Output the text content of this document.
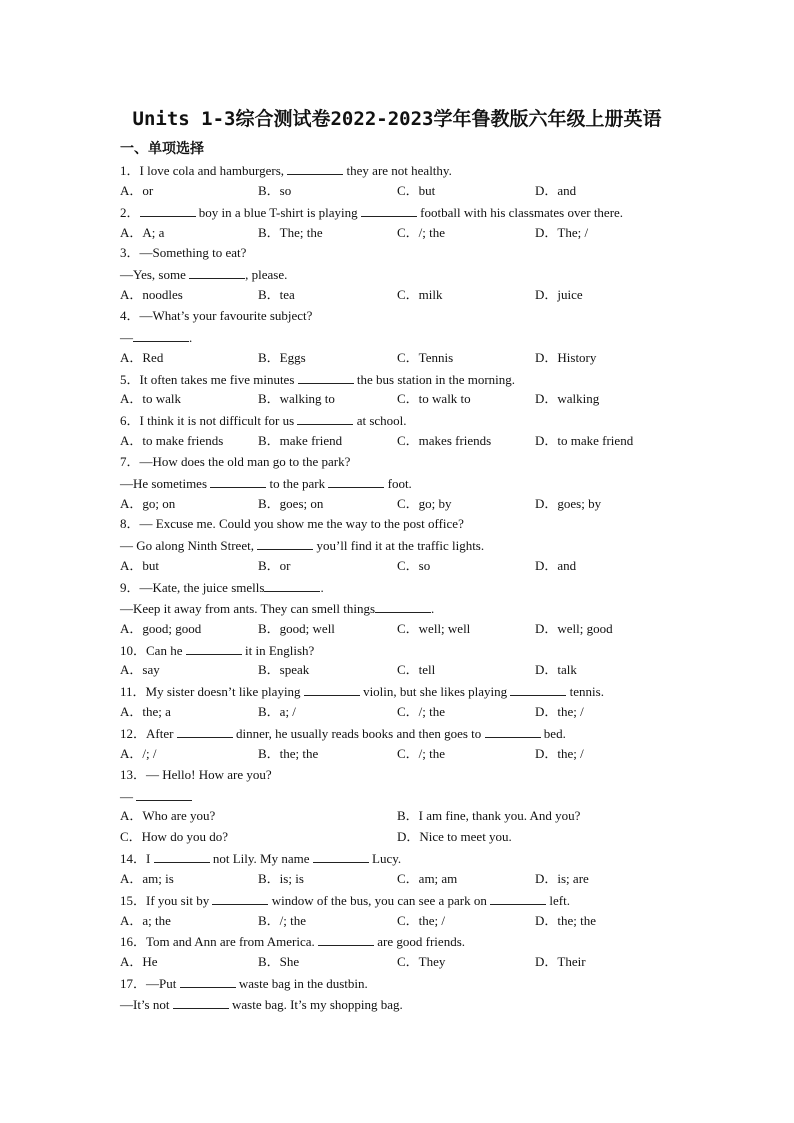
Units 1-3综合测试卷2022-2023学年鲁教版六年级上册英语
一、单项选择
1．I love cola and hamburgers,	they are not healthy.
A．or	B．so	C．but	D．and
2．	boy in a blue T-shirt is playing	football with his classmates over there.
A．A; a	B．The; the	C．/; the	D．The; /
3．—Something to eat?
—Yes, some	, please.
A．noodles	B．tea	C．milk	D．juice
4．—What’s your favourite subject?
—	.
A．Red	B．Eggs	C．Tennis	D．History
5．It often takes me five minutes	the bus station in the morning.
A．to walk	B．walking to	C．to walk to	D．walking
6．I think it is not difficult for us	at school.
A．to make friends	B．make friend	C．makes friends	D．to make friend
7．—How does the old man go to the park?
—He sometimes	to the park	foot.
A．go; on	B．goes; on	C．go; by	D．goes; by
8．— Excuse me. Could you show me the way to the post office?
— Go along Ninth Street,	you’ll find it at the traffic lights.
A．but	B．or	C．so	D．and
9．—Kate, the juice smells	.
—Keep it away from ants. They can smell things	.
A．good; good	B．good; well	C．well; well	D．well; good
10．Can he	it in English?
A．say	B．speak	C．tell	D．talk
11．My sister doesn’t like playing	violin, but she likes playing	tennis.
A．the; a	B．a; /	C．/; the	D．the; /
12．After	dinner, he usually reads books and then goes to	bed.
A．/; /	B．the; the	C．/; the	D．the; /
13．— Hello! How are you?
—
A．Who are you?	B．I am fine, thank you. And you?
C．How do you do?	D．Nice to meet you.
14．I	not Lily. My name	Lucy.
A．am; is	B．is; is	C．am; am	D．is; are
15．If you sit by	window of the bus, you can see a park on	left.
A．a; the	B．/; the	C．the; /	D．the; the
16．Tom and Ann are from America.	are good friends.
A．He	B．She	C．They	D．Their
17．—Put	waste bag in the dustbin.
—It’s not	waste bag. It’s my shopping bag.
